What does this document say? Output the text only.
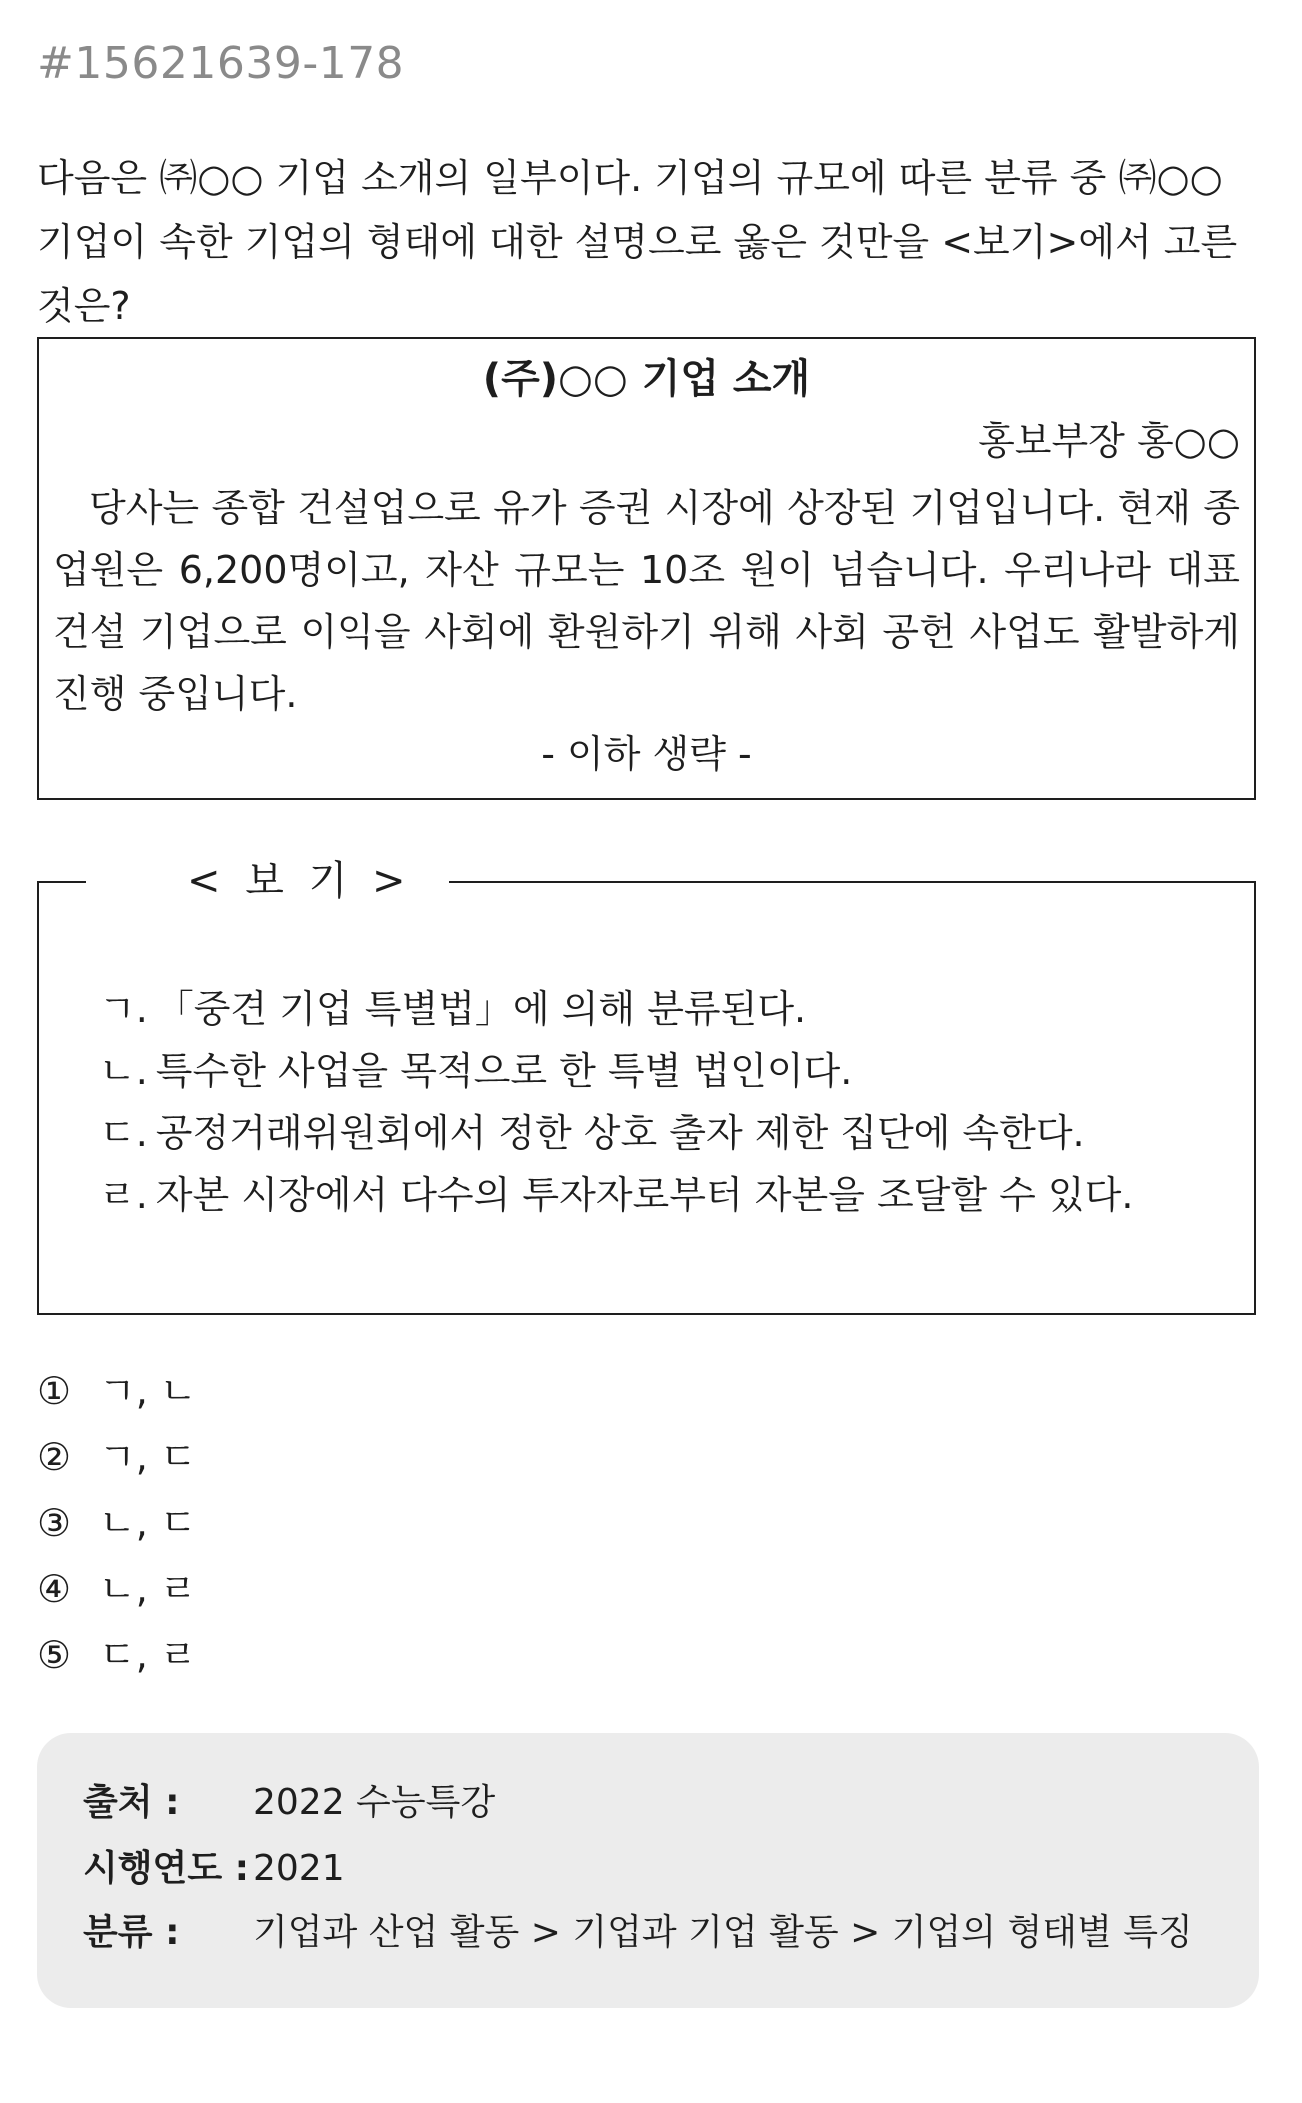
#15621639-178

다음은 ㈜○○ 기업 소개의 일부이다. 기업의 규모에 따른 분류 중 ㈜○○ 기업이 속한 기업의 형태에 대한 설명으로 옳은 것만을 <보기>에서 고른 것은?

(주)○○ 기업 소개
홍보부장 홍○○

당사는 종합 건설업으로 유가 증권 시장에 상장된 기업입니다. 현재 종업원은 6,200명이고, 자산 규모는 10조 원이 넘습니다. 우리나라 대표 건설 기업으로 이익을 사회에 환원하기 위해 사회 공헌 사업도 활발하게 진행 중입니다.

- 이하 생략 -
< 보 기 >
ㄱ. 「중견 기업 특별법」에 의해 분류된다.
ㄴ. 특수한 사업을 목적으로 한 특별 법인이다.
ㄷ. 공정거래위원회에서 정한 상호 출자 제한 집단에 속한다.
ㄹ. 자본 시장에서 다수의 투자자로부터 자본을 조달할 수 있다.
① ㄱ, ㄴ
② ㄱ, ㄷ
③ ㄴ, ㄷ
④ ㄴ, ㄹ
⑤ ㄷ, ㄹ
출처 : 2022 수능특강
시행연도 : 2021
분류 : 기업과 산업 활동 > 기업과 기업 활동 > 기업의 형태별 특징
